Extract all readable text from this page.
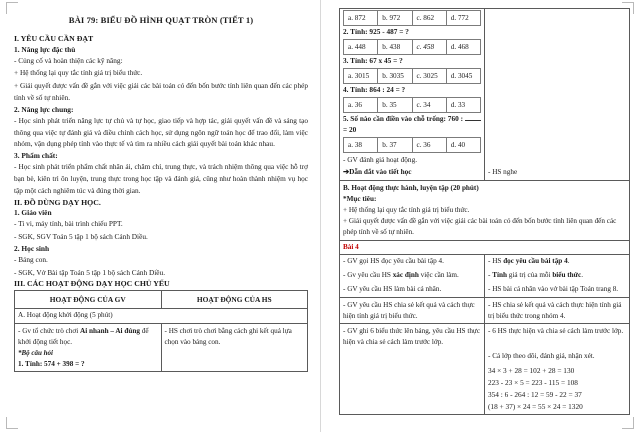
BÀI 79: BIỂU ĐỒ HÌNH QUẠT TRÒN (TIẾT 1)
I. YÊU CẦU CẦN ĐẠT
1. Năng lực đặc thù
- Củng cố và hoàn thiện các kỹ năng:
+ Hệ thống lại quy tắc tính giá trị biểu thức.
+ Giải quyết được vấn đề gắn với việc giải các bài toán có đến bốn bước tính liên quan đến các phép tính về số tự nhiên.
2. Năng lực chung:
- Học sinh phát triển năng lực tự chủ và tự học, giao tiếp và hợp tác, giải quyết vấn đề và sáng tạo thông qua việc tự đánh giá và điều chỉnh cách học, sử dụng ngôn ngữ toán học để trao đổi, làm việc nhóm, vận dụng phép tính vào thực tế và tìm ra nhiều cách giải quyết bài toán khác nhau.
3. Phẩm chất:
- Học sinh phát triển phẩm chất nhân ái, chăm chỉ, trung thực, và trách nhiệm thông qua việc hỗ trợ bạn bè, kiên trì ôn luyện, trung thực trong học tập và đánh giá, cũng như hoàn thành nhiệm vụ học tập một cách nghiêm túc và đúng thời gian.
II. ĐỒ DÙNG DẠY HỌC.
1. Giáo viên
- Ti vi, máy tính, bài trình chiếu PPT.
- SGK, SGV Toán 5 tập 1 bộ sách Cánh Diều.
2. Học sinh
- Bảng con.
- SGK, Vở Bài tập Toán 5 tập 1 bộ sách Cánh Diều.
III. CÁC HOẠT ĐỘNG DẠY HỌC CHỦ YẾU
HOẠT ĐỘNG CỦA GV	HOẠT ĐỘNG CỦA HS
A. Hoạt động khởi động (5 phút)	

- Gv tổ chức trò chơi Ai nhanh – Ai đúng để khởi động tiết học.
*Bộ câu hỏi
1. Tính: 574 + 398 = ?	- HS chơi trò chơi bằng cách ghi kết quả lựa chọn vào bảng con.
a. 872	b. 972	c. 862	d. 772
2. Tính: 925 - 487 = ?
a. 448	b. 438	c. 458	d. 468
3. Tính: 67 x 45 = ?
a. 3015	b. 3035	c. 3025	d. 3045
4. Tính: 864 : 24 = ?
a. 36	b. 35	c. 34	d. 33
5. Số nào cần điền vào chỗ trống: 760 :  = 20
a. 38	b. 37	c. 36	d. 40
- GV đánh giá hoạt động.
➔Dẫn dắt vào tiết học	- HS nghe

B. Hoạt động thực hành, luyện tập (20 phút)
*Mục tiêu:
+ Hệ thống lại quy tắc tính giá trị biểu thức.
+ Giải quyết được vấn đề gắn với việc giải các bài toán có đến bốn bước tính liên quan đến các phép tính về số tự nhiên.

Bài 4
- GV gọi HS đọc yêu cầu bài tập 4.	- HS đọc yêu cầu bài tập 4.
- Gv yêu cầu HS xác định việc cần làm.	- Tính giá trị của mỗi biểu thức.
- GV yêu cầu HS làm bài cá nhân.	- HS bài cá nhân vào vở bài tập Toán trang 8.
- GV yêu cầu HS chia sẻ kết quả và cách thực hiện tính giá trị biểu thức.	- HS chia sẻ kết quả và cách thực hiện tính giá trị biểu thức trong nhóm 4.
- GV ghi 6 biểu thức lên bảng, yêu cầu HS thực hiện và chia sẻ cách làm trước lớp.	- 6 HS thực hiện và chia sẻ cách làm trước lớp.
	- Cả lớp theo dõi, đánh giá, nhận xét.

34 × 3 + 28 = 102 + 28 = 130
223 - 23 × 5 = 223 - 115 = 108
354 : 6 - 264 : 12 = 59 - 22 = 37
(18 + 37) × 24 = 55 × 24 = 1320
